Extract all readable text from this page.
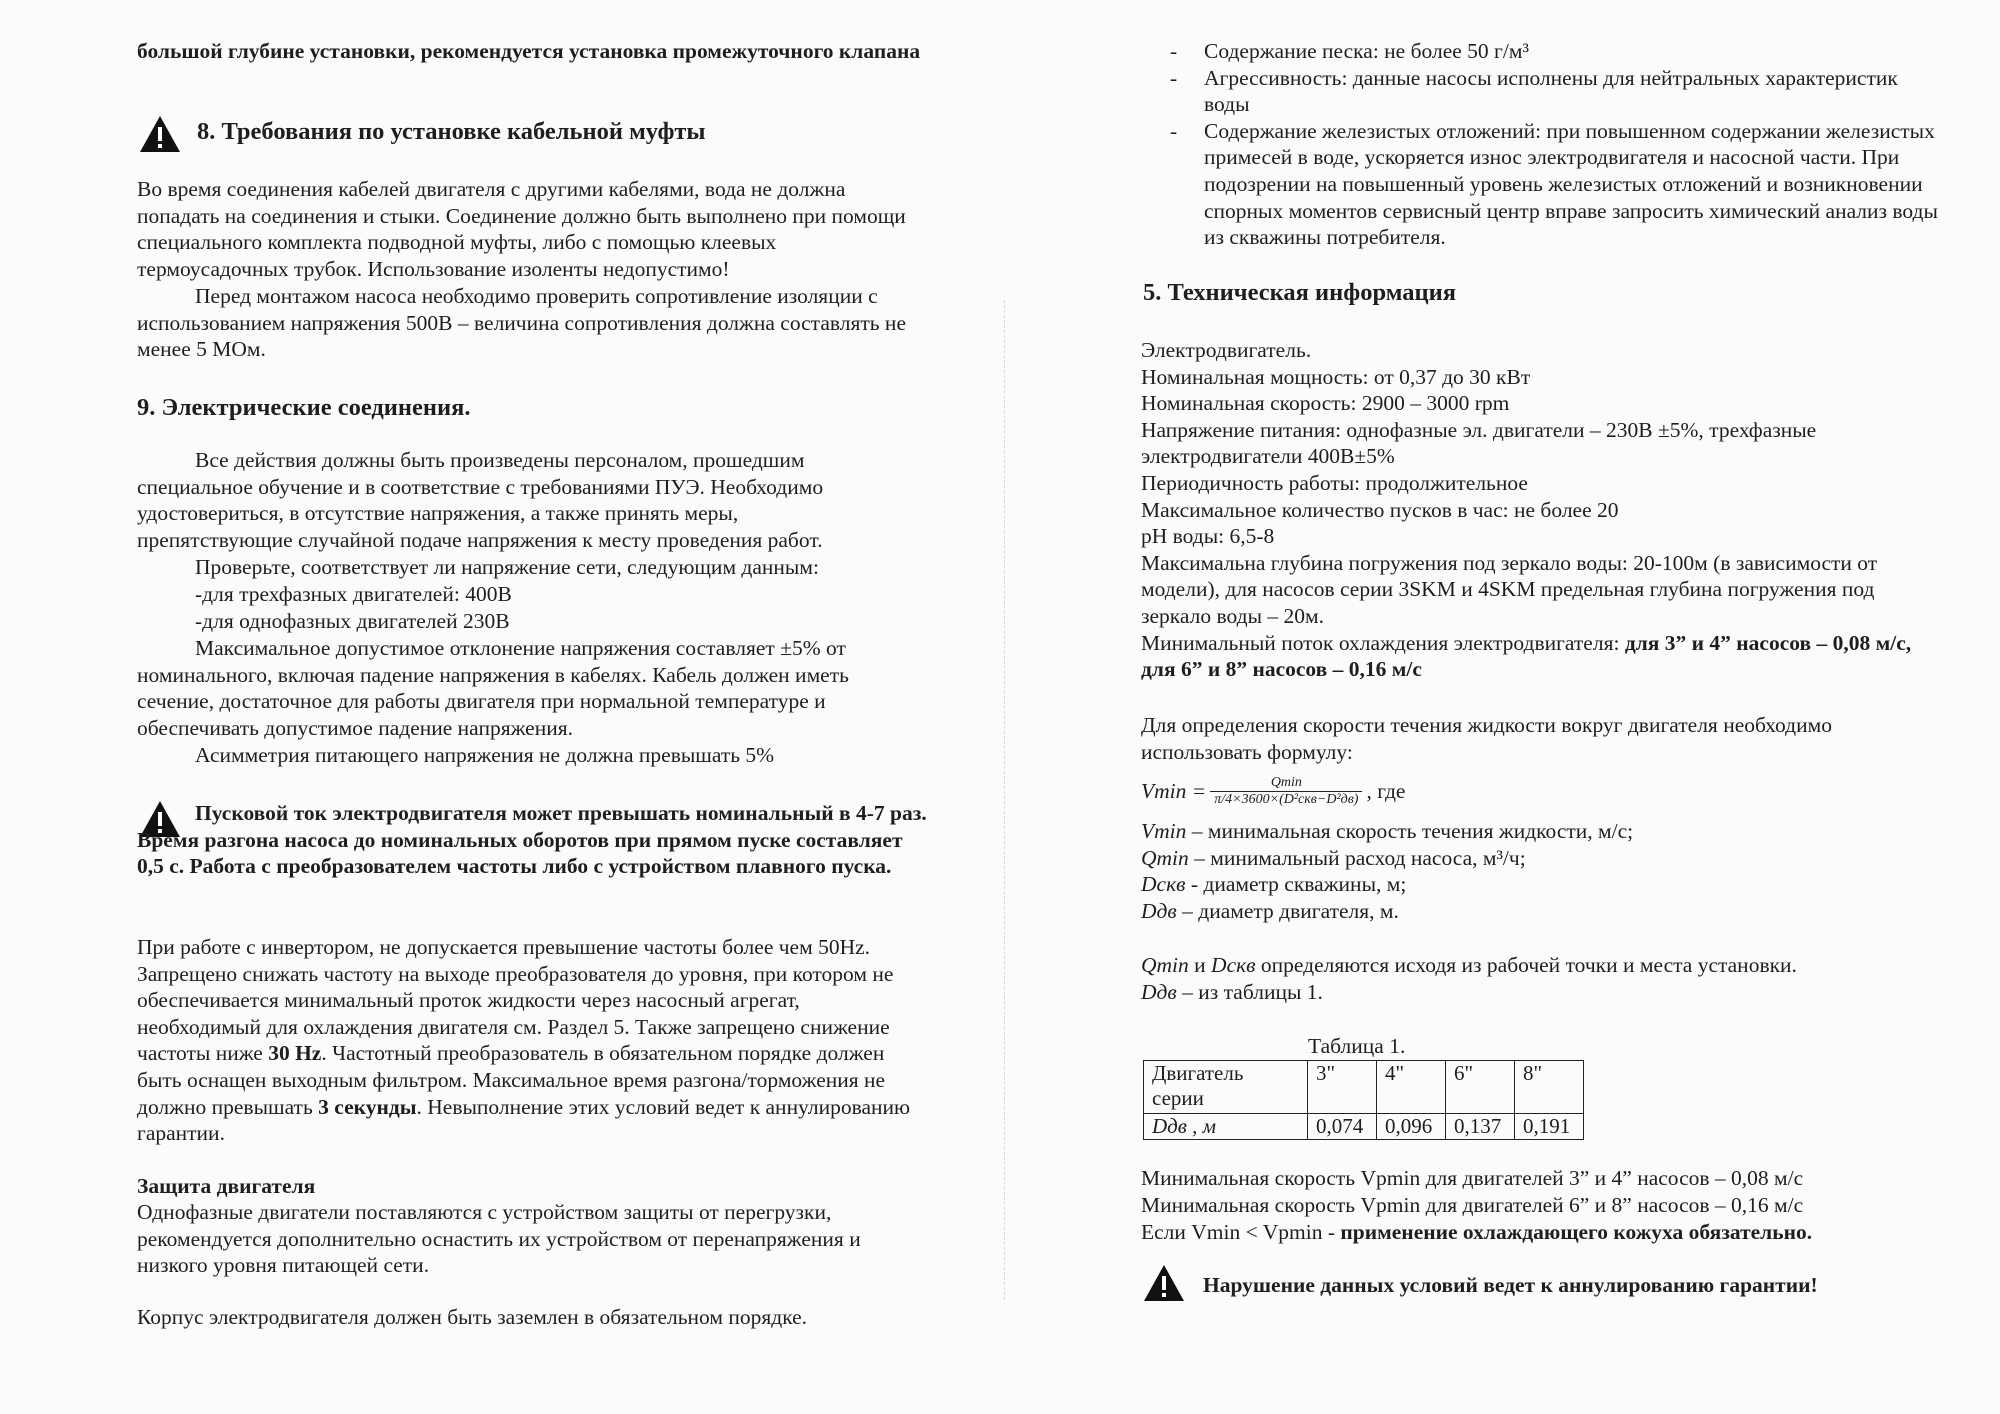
большой глубине установки, рекомендуется установка промежуточного клапана

8. Требования по установке кабельной муфты

Во время соединения кабелей двигателя с другими кабелями, вода не должна попадать на соединения и стыки. Соединение должно быть выполнено при помощи специального комплекта подводной муфты, либо с помощью клеевых термоусадочных трубок. Использование изоленты недопустимо!

Перед монтажом насоса необходимо проверить сопротивление изоляции с использованием напряжения 500В – величина сопротивления должна составлять не менее 5 МОм.

9. Электрические соединения.

Все действия должны быть произведены персоналом, прошедшим специальное обучение и в соответствие с требованиями ПУЭ. Необходимо удостовериться, в отсутствие напряжения, а также принять меры, препятствующие случайной подаче напряжения к месту проведения работ.

Проверьте, соответствует ли напряжение сети, следующим данным:

-для трехфазных двигателей: 400В

-для однофазных двигателей 230В

Максимальное допустимое отклонение напряжения составляет ±5% от номинального, включая падение напряжения в кабелях. Кабель должен иметь сечение, достаточное для работы двигателя при нормальной температуре и обеспечивать допустимое падение напряжения.

Асимметрия питающего напряжения не должна превышать 5%

Пусковой ток электродвигателя может превышать номинальный в 4-7 раз. Время разгона насоса до номинальных оборотов при прямом пуске составляет 0,5 с. Работа с преобразователем частоты либо с устройством плавного пуска.

При работе с инвертором, не допускается превышение частоты более чем 50Hz. Запрещено снижать частоту на выходе преобразователя до уровня, при котором не обеспечивается минимальный проток жидкости через насосный агрегат, необходимый для охлаждения двигателя см. Раздел 5. Также запрещено снижение частоты ниже 30 Hz. Частотный преобразователь в обязательном порядке должен быть оснащен выходным фильтром. Максимальное время разгона/торможения не должно превышать 3 секунды. Невыполнение этих условий ведет к аннулированию гарантии.

Защита двигателя

Однофазные двигатели поставляются с устройством защиты от перегрузки, рекомендуется дополнительно оснастить их устройством от перенапряжения и низкого уровня питающей сети.

Корпус электродвигателя должен быть заземлен в обязательном порядке.

- Содержание песка: не более 50 г/м³
- Агрессивность: данные насосы исполнены для нейтральных характеристик воды
- Содержание железистых отложений: при повышенном содержании железистых примесей в воде, ускоряется износ электродвигателя и насосной части. При подозрении на повышенный уровень железистых отложений и возникновении спорных моментов сервисный центр вправе запросить химический анализ воды из скважины потребителя.
5. Техническая информация

Электродвигатель.

Номинальная мощность: от 0,37 до 30 кВт

Номинальная скорость: 2900 – 3000 rpm

Напряжение питания: однофазные эл. двигатели – 230В ±5%, трехфазные электродвигатели 400В±5%

Периодичность работы: продолжительное

Максимальное количество пусков в час: не более 20

pH воды: 6,5-8

Максимальна глубина погружения под зеркало воды: 20-100м (в зависимости от модели), для насосов серии 3SKM и 4SKM предельная глубина погружения под зеркало воды – 20м.

Минимальный поток охлаждения электродвигателя: для 3” и 4” насосов – 0,08 м/с, для 6” и 8” насосов – 0,16 м/с

Для определения скорости течения жидкости вокруг двигателя необходимо использовать формулу:

$Vmin = \frac{Qmin}{\text{π/4×3600×(D²скв−D²дв)}}$ , где

Vmin – минимальная скорость течения жидкости, м/с;

Qmin – минимальный расход насоса, м³/ч;

Dскв - диаметр скважины, м;

Dдв – диаметр двигателя, м.

Qmin и Dскв определяются исходя из рабочей точки и места установки.

Dдв – из таблицы 1.

Таблица 1.

Двигатель серии	3"	4"	6"	8"
Dдв , м	0,074	0,096	0,137	0,191

Минимальная скорость Vpmin для двигателей 3” и 4” насосов – 0,08 м/с

Минимальная скорость Vpmin для двигателей 6” и 8” насосов – 0,16 м/с

Если Vmin < Vpmin - применение охлаждающего кожуха обязательно.

Нарушение данных условий ведет к аннулированию гарантии!
